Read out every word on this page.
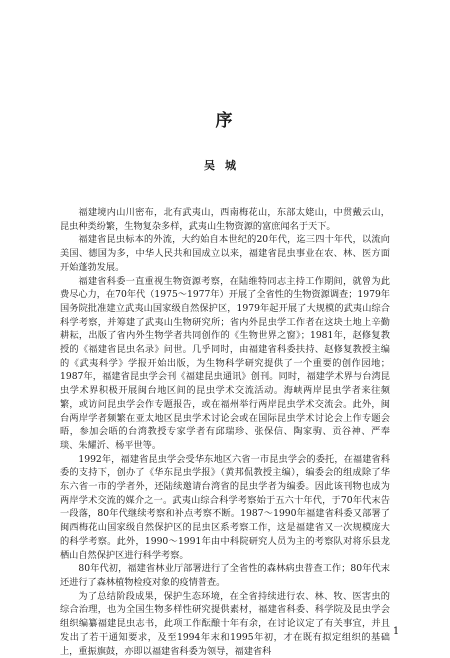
序
吴城

福建境内山川密布，北有武夷山，西南梅花山，东部太姥山，中贯戴云山，昆虫种类纷繁，生物复杂多样，武夷山生物资源的富庶闻名于天下。

福建省昆虫标本的外流，大约始自本世纪的20年代，迄三四十年代，以流向美国、德国为多，中华人民共和国成立以来，福建省昆虫事业在农、林、医方面开始蓬勃发展。

福建省科委一直重视生物资源考察，在陆维特同志主持工作期间，就曾为此费尽心力，在70年代（1975～1977年）开展了全省性的生物资源调查；1979年国务院批准建立武夷山国家级自然保护区，1979年起开展了大规模的武夷山综合科学考察，并筹建了武夷山生物研究所；省内外昆虫学工作者在这块土地上辛勤耕耘，出版了省内外生物学者共同创作的《生物世界之窗》；1981年，赵修复教授的《福建省昆虫名录》问世。几乎同时，由福建省科委扶持、赵修复教授主编的《武夷科学》学报开始出版，为生物科学研究提供了一个重要的创作园地；1987年，福建省昆虫学会刊《福建昆虫通讯》创刊。同时，福建学术界与台湾昆虫学术界积极开展闽台地区间的昆虫学术交流活动。海峡两岸昆虫学者来往频繁，或访问昆虫学会作专题报告，或在福州举行两岸昆虫学术交流会。此外，闽台两岸学者频繁在亚太地区昆虫学术讨论会或在国际昆虫学术讨论会上作专题会晤，参加会晤的台湾教授专家学者有邱瑞珍、张保信、陶家驹、贡谷神、严奉琰、朱耀沂、杨平世等。

1992年，福建省昆虫学会受华东地区六省一市昆虫学会的委托，在福建省科委的支持下，创办了《华东昆虫学报》（黄邦侃教授主编），编委会的组成除了华东六省一市的学者外，还陆续邀请台湾省的昆虫学者为编委。因此该刊物也成为两岸学术交流的媒介之一。武夷山综合科学考察始于五六十年代，于70年代末告一段落，80年代继续考察和补点考察不断。1987～1990年福建省科委又部署了闽西梅花山国家级自然保护区的昆虫区系考察工作，这是福建省又一次规模庞大的科学考察。此外，1990～1991年由中科院研究人员为主的考察队对将乐县龙栖山自然保护区进行科学考察。

80年代初，福建省林业厅部署进行了全省性的森林病虫普查工作；80年代末还进行了森林植物检疫对象的疫情普查。

为了总结阶段成果，保护生态环境，在全省持续进行农、林、牧、医害虫的综合治理，也为全国生物多样性研究提供素材，福建省科委、科学院及昆虫学会组织编纂福建昆虫志书，此项工作酝酿十年有余，在讨论议定了有关事宜，并且发出了若干通知要求，及至1994年末和1995年初，才在既有拟定组织的基础上，重振旗鼓，亦即以福建省科委为领导，福建省科

1
